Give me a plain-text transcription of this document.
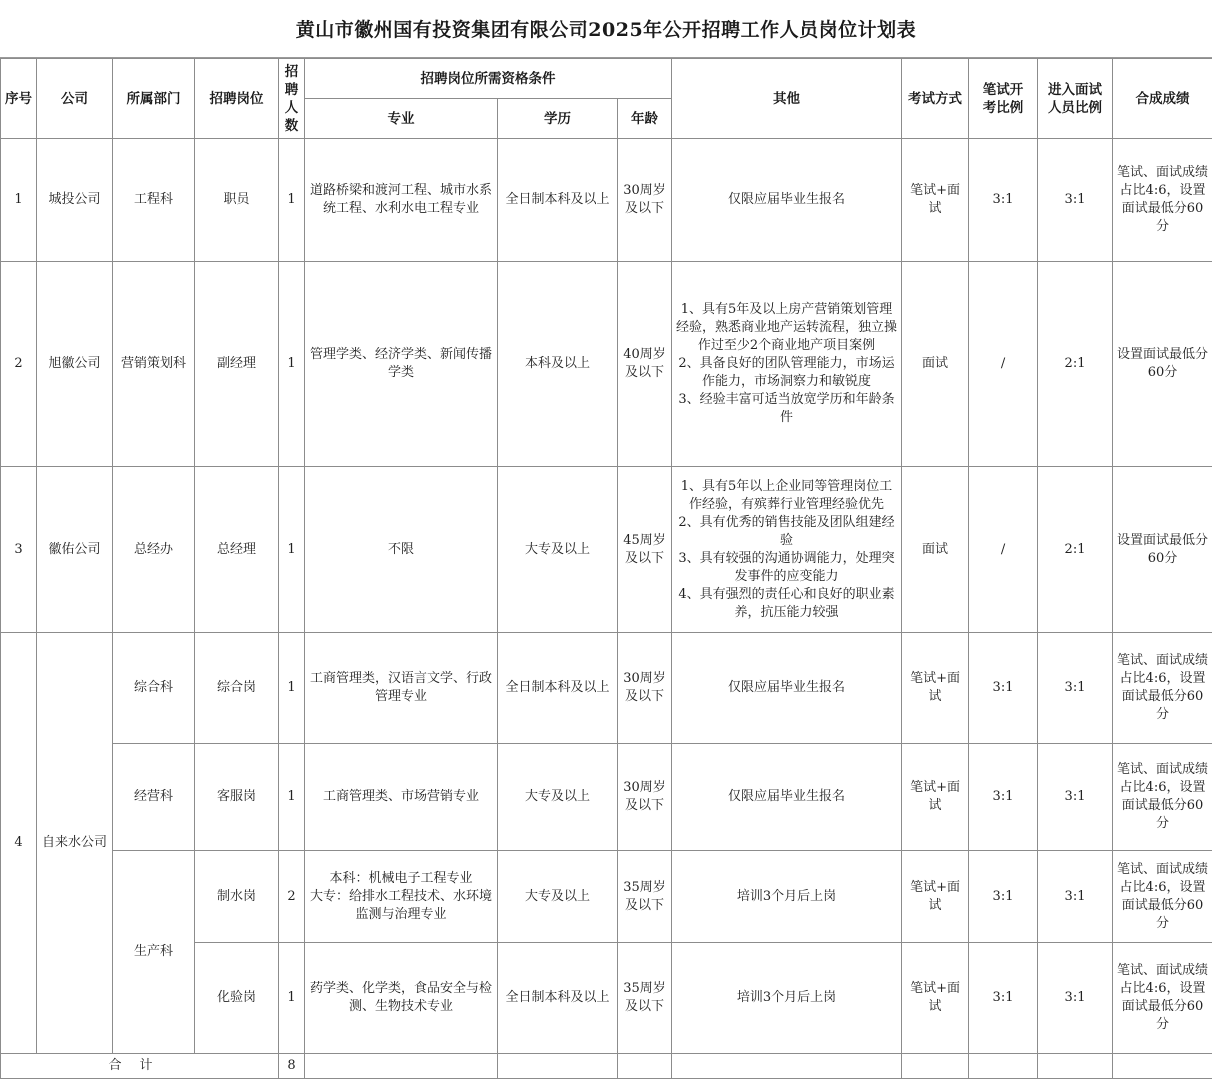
黄山市徽州国有投资集团有限公司2025年公开招聘工作人员岗位计划表
序号	公司	所属部门	招聘岗位	招聘人数	招聘岗位所需资格条件			其他	考试方式	笔试开考比例	进入面试人员比例	合成成绩
					专业	学历	年龄					
1	城投公司	工程科	职员	1	道路桥梁和渡河工程、城市水系统工程、水利水电工程专业	全日制本科及以上	30周岁及以下	仅限应届毕业生报名	笔试+面试	3:1	3:1	笔试、面试成绩占比4:6，设置面试最低分60分
2	旭徽公司	营销策划科	副经理	1	管理学类、经济学类、新闻传播学类	本科及以上	40周岁及以下	1、具有5年及以上房产营销策划管理经验，熟悉商业地产运转流程，独立操作过至少2个商业地产项目案例
2、具备良好的团队管理能力，市场运作能力，市场洞察力和敏锐度
3、经验丰富可适当放宽学历和年龄条件	面试	/	2:1	设置面试最低分60分
3	徽佑公司	总经办	总经理	1	不限	大专及以上	45周岁及以下	1、具有5年以上企业同等管理岗位工作经验，有殡葬行业管理经验优先
2、具有优秀的销售技能及团队组建经验
3、具有较强的沟通协调能力，处理突发事件的应变能力
4、具有强烈的责任心和良好的职业素养，抗压能力较强	面试	/	2:1	设置面试最低分60分
4	自来水公司	综合科	综合岗	1	工商管理类，汉语言文学、行政管理专业	全日制本科及以上	30周岁及以下	仅限应届毕业生报名	笔试+面试	3:1	3:1	笔试、面试成绩占比4:6，设置面试最低分60分
		经营科	客服岗	1	工商管理类、市场营销专业	大专及以上	30周岁及以下	仅限应届毕业生报名	笔试+面试	3:1	3:1	笔试、面试成绩占比4:6，设置面试最低分60分
		生产科	制水岗	2	本科：机械电子工程专业
大专：给排水工程技术、水环境监测与治理专业	大专及以上	35周岁及以下	培训3个月后上岗	笔试+面试	3:1	3:1	笔试、面试成绩占比4:6，设置面试最低分60分
			化验岗	1	药学类、化学类，食品安全与检测、生物技术专业	全日制本科及以上	35周岁及以下	培训3个月后上岗	笔试+面试	3:1	3:1	笔试、面试成绩占比4:6，设置面试最低分60分
合计				8								
